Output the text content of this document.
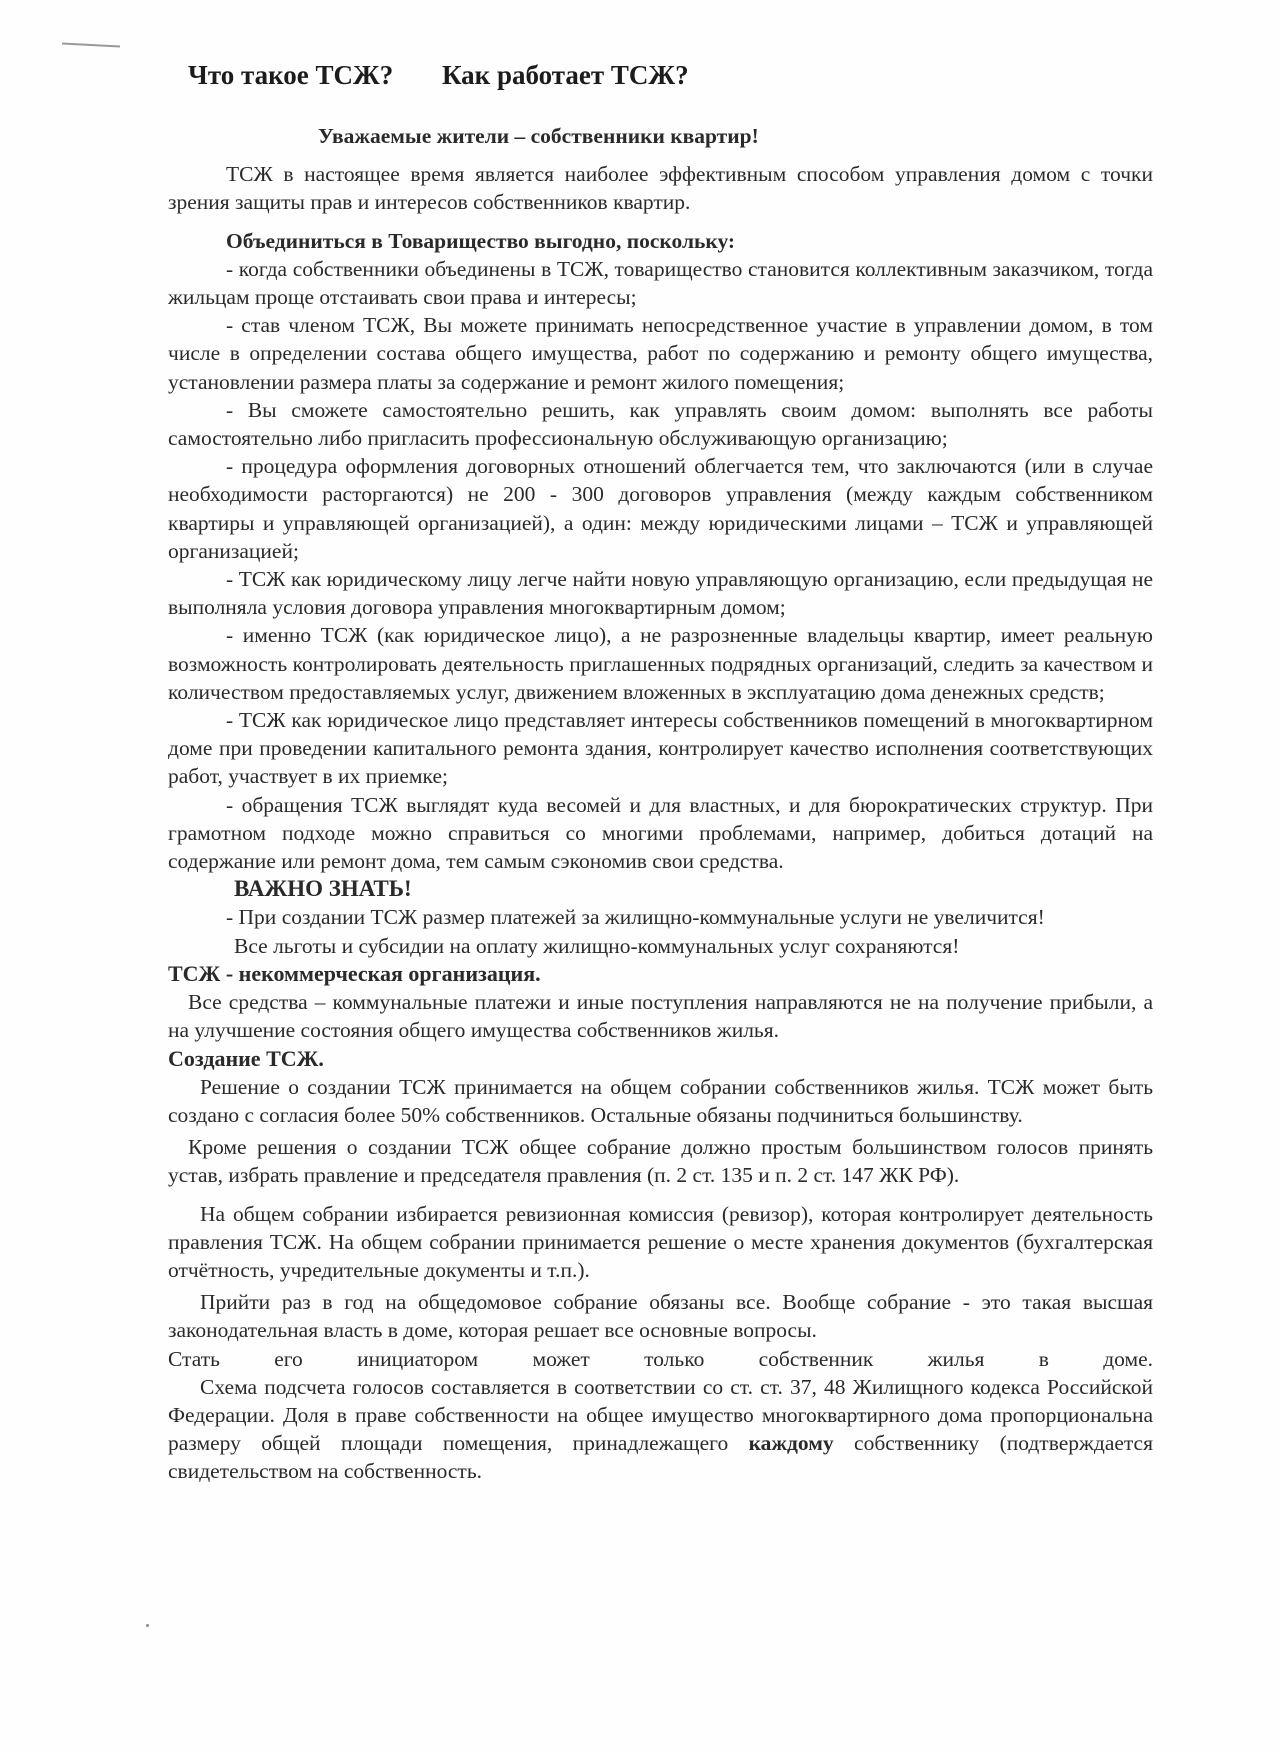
Что такое ТСЖ? Как работает ТСЖ?

Уважаемые жители – собственники квартир!

ТСЖ в настоящее время является наиболее эффективным способом управления домом с точки зрения защиты прав и интересов собственников квартир.

Объединиться в Товарищество выгодно, поскольку:

- когда собственники объединены в ТСЖ, товарищество становится коллективным заказчиком, тогда жильцам проще отстаивать свои права и интересы;

- став членом ТСЖ, Вы можете принимать непосредственное участие в управлении домом, в том числе в определении состава общего имущества, работ по содержанию и ремонту общего имущества, установлении размера платы за содержание и ремонт жилого помещения;

- Вы сможете самостоятельно решить, как управлять своим домом: выполнять все работы самостоятельно либо пригласить профессиональную обслуживающую организацию;

- процедура оформления договорных отношений облегчается тем, что заключаются (или в случае необходимости расторгаются) не 200 - 300 договоров управления (между каждым собственником квартиры и управляющей организацией), а один: между юридическими лицами – ТСЖ и управляющей организацией;

- ТСЖ как юридическому лицу легче найти новую управляющую организацию, если предыдущая не выполняла условия договора управления многоквартирным домом;

- именно ТСЖ (как юридическое лицо), а не разрозненные владельцы квартир, имеет реальную возможность контролировать деятельность приглашенных подрядных организаций, следить за качеством и количеством предоставляемых услуг, движением вложенных в эксплуатацию дома денежных средств;

- ТСЖ как юридическое лицо представляет интересы собственников помещений в многоквартирном доме при проведении капитального ремонта здания, контролирует качество исполнения соответствующих работ, участвует в их приемке;

- обращения ТСЖ выглядят куда весомей и для властных, и для бюрократических структур. При грамотном подходе можно справиться со многими проблемами, например, добиться дотаций на содержание или ремонт дома, тем самым сэкономив свои средства.

ВАЖНО ЗНАТЬ!

- При создании ТСЖ размер платежей за жилищно-коммунальные услуги не увеличится!

Все льготы и субсидии на оплату жилищно-коммунальных услуг сохраняются!

ТСЖ - некоммерческая организация.

Все средства – коммунальные платежи и иные поступления направляются не на получение прибыли, а на улучшение состояния общего имущества собственников жилья.

Создание ТСЖ.

Решение о создании ТСЖ принимается на общем собрании собственников жилья. ТСЖ может быть создано с согласия более 50% собственников. Остальные обязаны подчиниться большинству.

Кроме решения о создании ТСЖ общее собрание должно простым большинством голосов принять устав, избрать правление и председателя правления (п. 2 ст. 135 и п. 2 ст. 147 ЖК РФ).

На общем собрании избирается ревизионная комиссия (ревизор), которая контролирует деятельность правления ТСЖ. На общем собрании принимается решение о месте хранения документов (бухгалтерская отчётность, учредительные документы и т.п.).

Прийти раз в год на общедомовое собрание обязаны все. Вообще собрание - это такая высшая законодательная власть в доме, которая решает все основные вопросы.

Стать его инициатором может только собственник жилья в доме.

Схема подсчета голосов составляется в соответствии со ст. ст. 37, 48 Жилищного кодекса Российской Федерации. Доля в праве собственности на общее имущество многоквартирного дома пропорциональна размеру общей площади помещения, принадлежащего каждому собственнику (подтверждается свидетельством на собственность.
